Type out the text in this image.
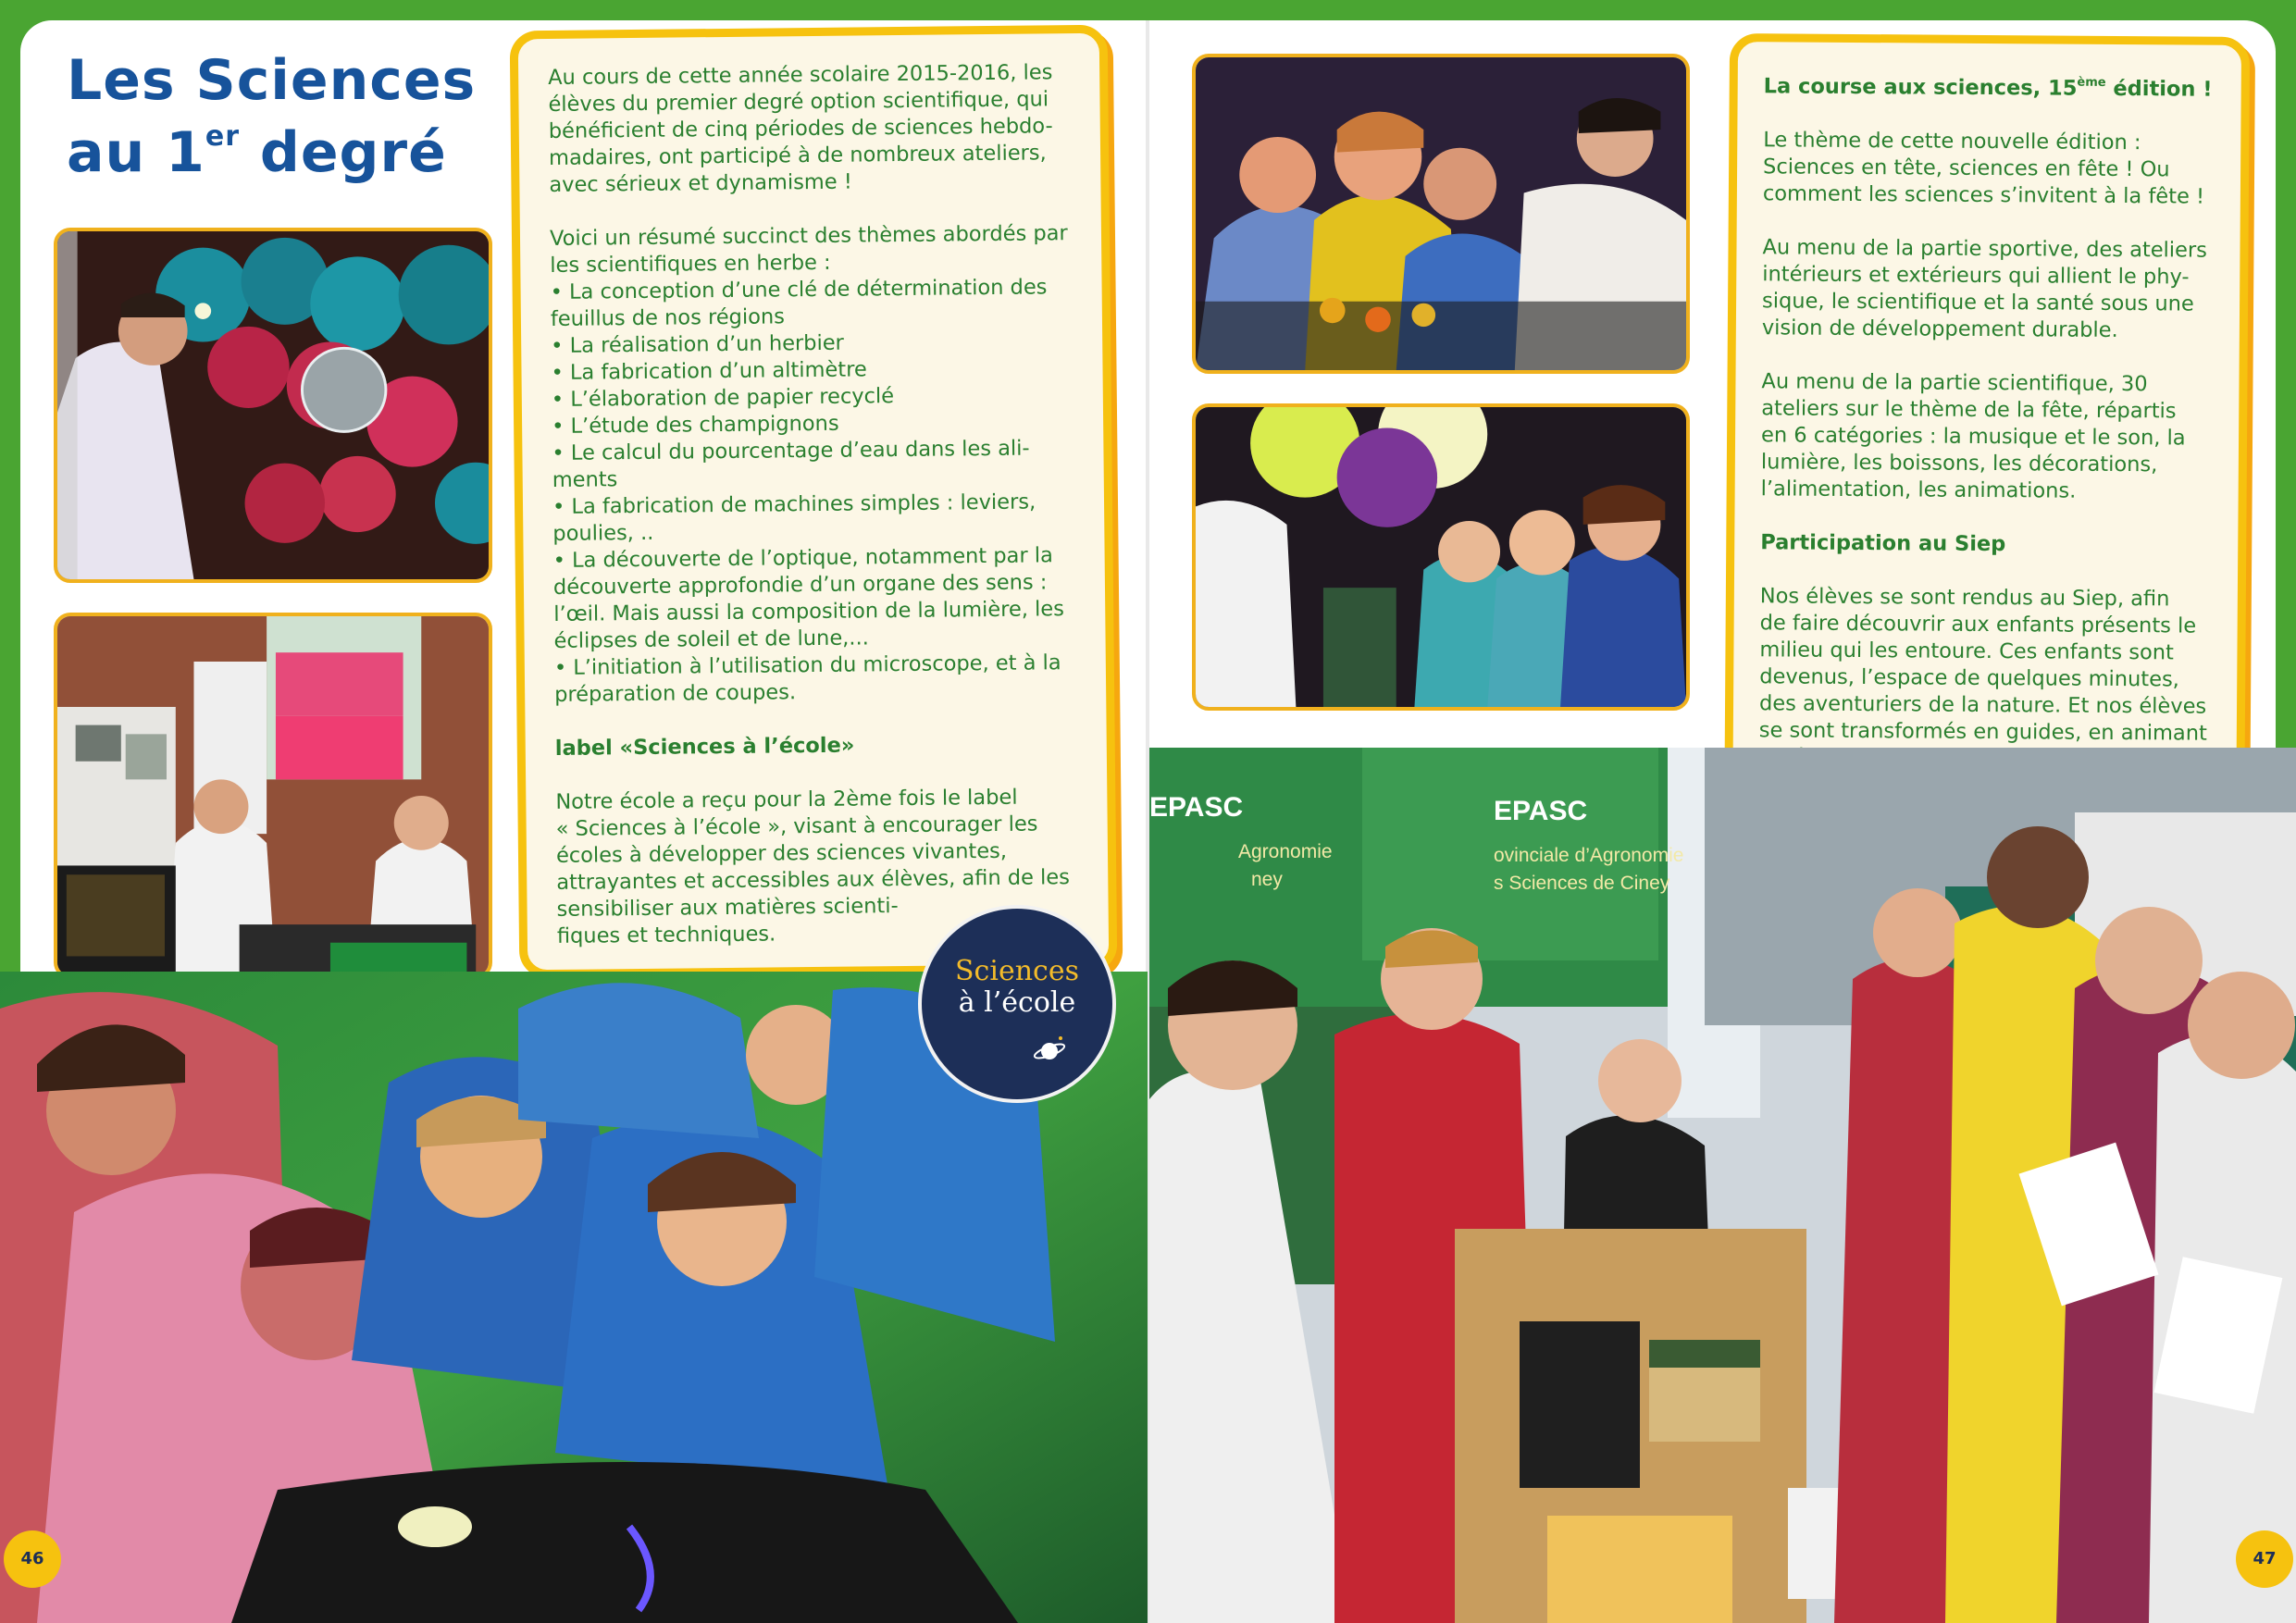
Les Sciences
au 1er degré

Au cours de cette année scolaire 2015-2016, les
élèves du premier degré option scientifique, qui
bénéficient de cinq périodes de sciences hebdo-
madaires, ont participé à de nombreux ateliers,
avec sérieux et dynamisme !

Voici un résumé succinct des thèmes abordés par
les scientifiques en herbe :

• La conception d’une clé de détermination des
feuillus de nos régions

• La réalisation d’un herbier

• La fabrication d’un altimètre

• L’élaboration de papier recyclé

• L’étude des champignons

• Le calcul du pourcentage d’eau dans les ali-
ments

• La fabrication de machines simples : leviers,
poulies, ..

• La découverte de l’optique, notamment par la
découverte approfondie d’un organe des sens :
l’œil. Mais aussi la composition de la lumière, les
éclipses de soleil et de lune,...

• L’initiation à l’utilisation du microscope, et à la
préparation de coupes.

label «Sciences à l’école»

Notre école a reçu pour la 2ème fois le label
« Sciences à l’école », visant à encourager les
écoles à développer des sciences vivantes,
attrayantes et accessibles aux élèves, afin de les
sensibiliser aux matières scienti-
fiques et techniques.

Sciences
à l’école

La course aux sciences, 15ème édition !

Le thème de cette nouvelle édition :
Sciences en tête, sciences en fête ! Ou
comment les sciences s’invitent à la fête !

Au menu de la partie sportive, des ateliers
intérieurs et extérieurs qui allient le phy-
sique, le scientifique et la santé sous une
vision de développement durable.

Au menu de la partie scientifique, 30
ateliers sur le thème de la fête, répartis
en 6 catégories : la musique et le son, la
lumière, les boissons, les décorations,
l’alimentation, les animations.

Participation au Siep

Nos élèves se sont rendus au Siep, afin
de faire découvrir aux enfants présents le
milieu qui les entoure. Ces enfants sont
devenus, l’espace de quelques minutes,
des aventuriers de la nature. Et nos élèves
se sont transformés en guides, en animant

EPASC
ovinciale d’Agronomie
s Sciences de Ciney
EPASC
Agronomie
ney
46	47
